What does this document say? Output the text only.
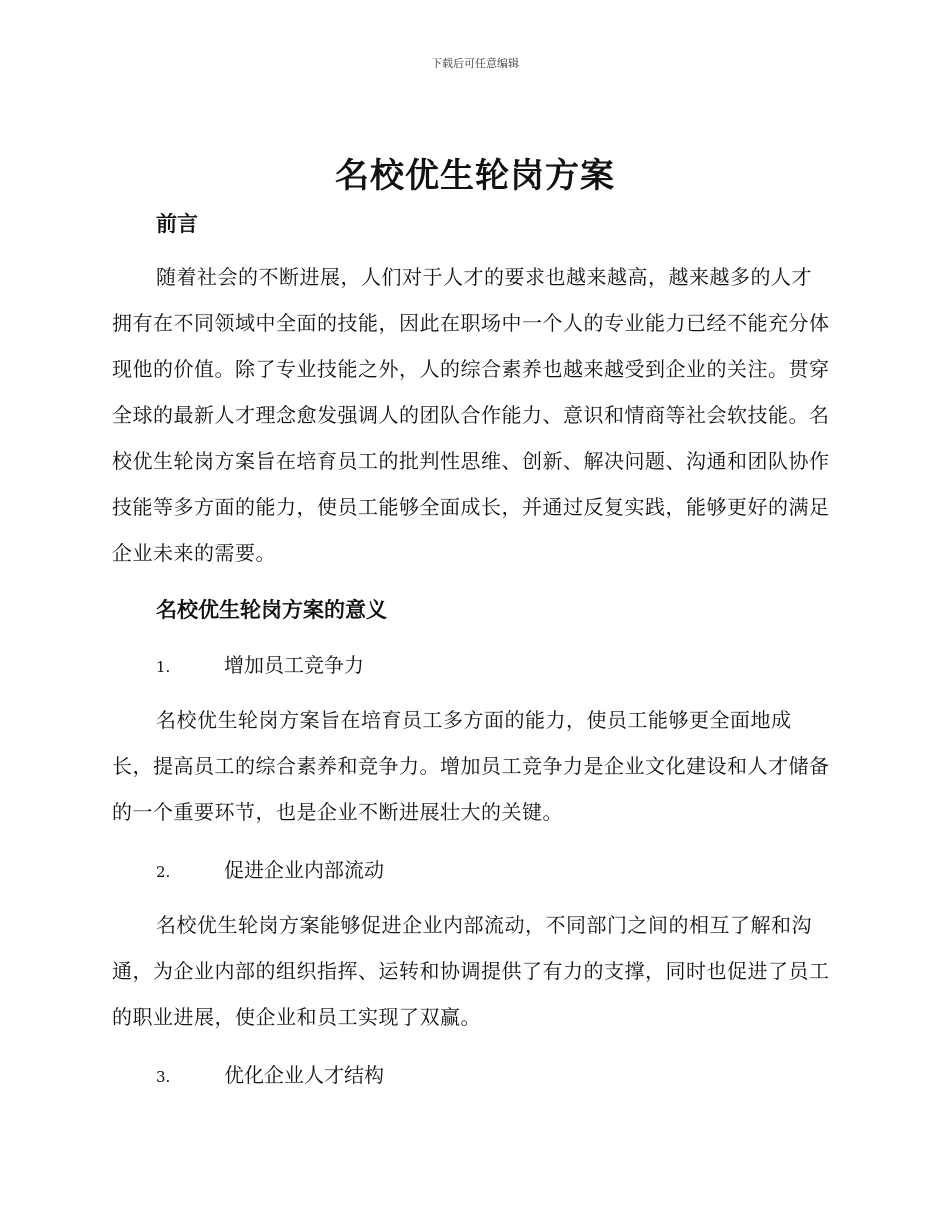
下载后可任意编辑
名校优生轮岗方案
前言

随着社会的不断进展，人们对于人才的要求也越来越高，越来越多的人才拥有在不同领域中全面的技能，因此在职场中一个人的专业能力已经不能充分体现他的价值。除了专业技能之外，人的综合素养也越来越受到企业的关注。贯穿全球的最新人才理念愈发强调人的团队合作能力、意识和情商等社会软技能。名校优生轮岗方案旨在培育员工的批判性思维、创新、解决问题、沟通和团队协作技能等多方面的能力，使员工能够全面成长，并通过反复实践，能够更好的满足企业未来的需要。

名校优生轮岗方案的意义
1.	增加员工竞争力

名校优生轮岗方案旨在培育员工多方面的能力，使员工能够更全面地成长，提高员工的综合素养和竞争力。增加员工竞争力是企业文化建设和人才储备的一个重要环节，也是企业不断进展壮大的关键。

2.	促进企业内部流动

名校优生轮岗方案能够促进企业内部流动，不同部门之间的相互了解和沟通，为企业内部的组织指挥、运转和协调提供了有力的支撑，同时也促进了员工的职业进展，使企业和员工实现了双赢。

3.	优化企业人才结构
